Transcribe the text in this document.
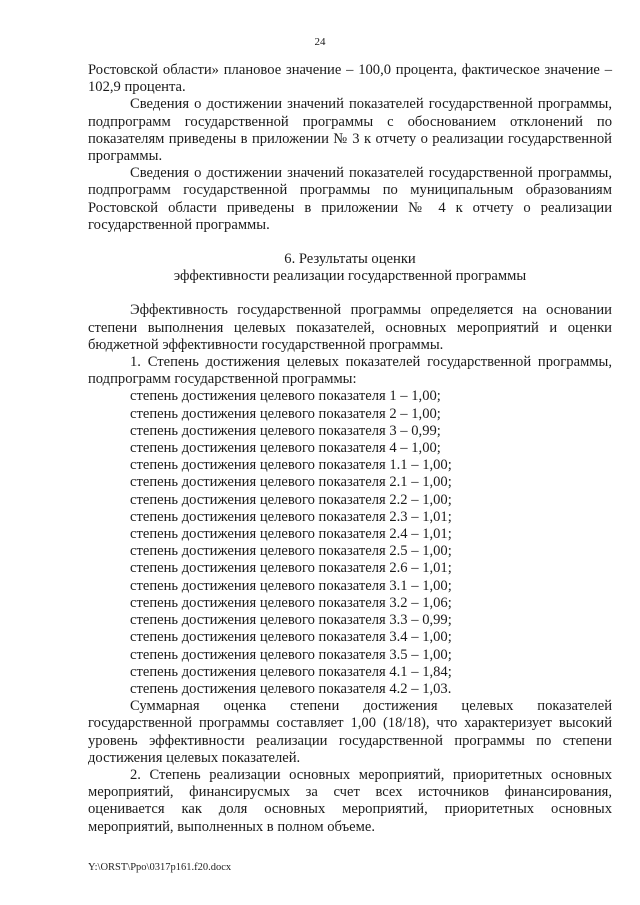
24

Ростовской области» плановое значение – 100,0 процента, фактическое значение – 102,9 процента.

Сведения о достижении значений показателей государственной программы, подпрограмм государственной программы с обоснованием отклонений по показателям приведены в приложении № 3 к отчету о реализации государственной программы.

Сведения о достижении значений показателей государственной программы, подпрограмм государственной программы по муниципальным образованиям Ростовской области приведены в приложении № 4 к отчету о реализации государственной программы.

6. Результаты оценки

эффективности реализации государственной программы

Эффективность государственной программы определяется на основании степени выполнения целевых показателей, основных мероприятий и оценки бюджетной эффективности государственной программы.

1. Степень достижения целевых показателей государственной программы, подпрограмм государственной программы:

степень достижения целевого показателя 1 – 1,00;
степень достижения целевого показателя 2 – 1,00;
степень достижения целевого показателя 3 – 0,99;
степень достижения целевого показателя 4 – 1,00;
степень достижения целевого показателя 1.1 – 1,00;
степень достижения целевого показателя 2.1 – 1,00;
степень достижения целевого показателя 2.2 – 1,00;
степень достижения целевого показателя 2.3 – 1,01;
степень достижения целевого показателя 2.4 – 1,01;
степень достижения целевого показателя 2.5 – 1,00;
степень достижения целевого показателя 2.6 – 1,01;
степень достижения целевого показателя 3.1 – 1,00;
степень достижения целевого показателя 3.2 – 1,06;
степень достижения целевого показателя 3.3 – 0,99;
степень достижения целевого показателя 3.4 – 1,00;
степень достижения целевого показателя 3.5 – 1,00;
степень достижения целевого показателя 4.1 – 1,84;
степень достижения целевого показателя 4.2 – 1,03.

Суммарная оценка степени достижения целевых показателей государственной программы составляет 1,00 (18/18), что характеризует высокий уровень эффективности реализации государственной программы по степени достижения целевых показателей.

2. Степень реализации основных мероприятий, приоритетных основных мероприятий, финансирусмых за счет всех источников финансирования, оценивается как доля основных мероприятий, приоритетных основных мероприятий, выполненных в полном объеме.

Y:\ORST\Ppo\0317p161.f20.docx
